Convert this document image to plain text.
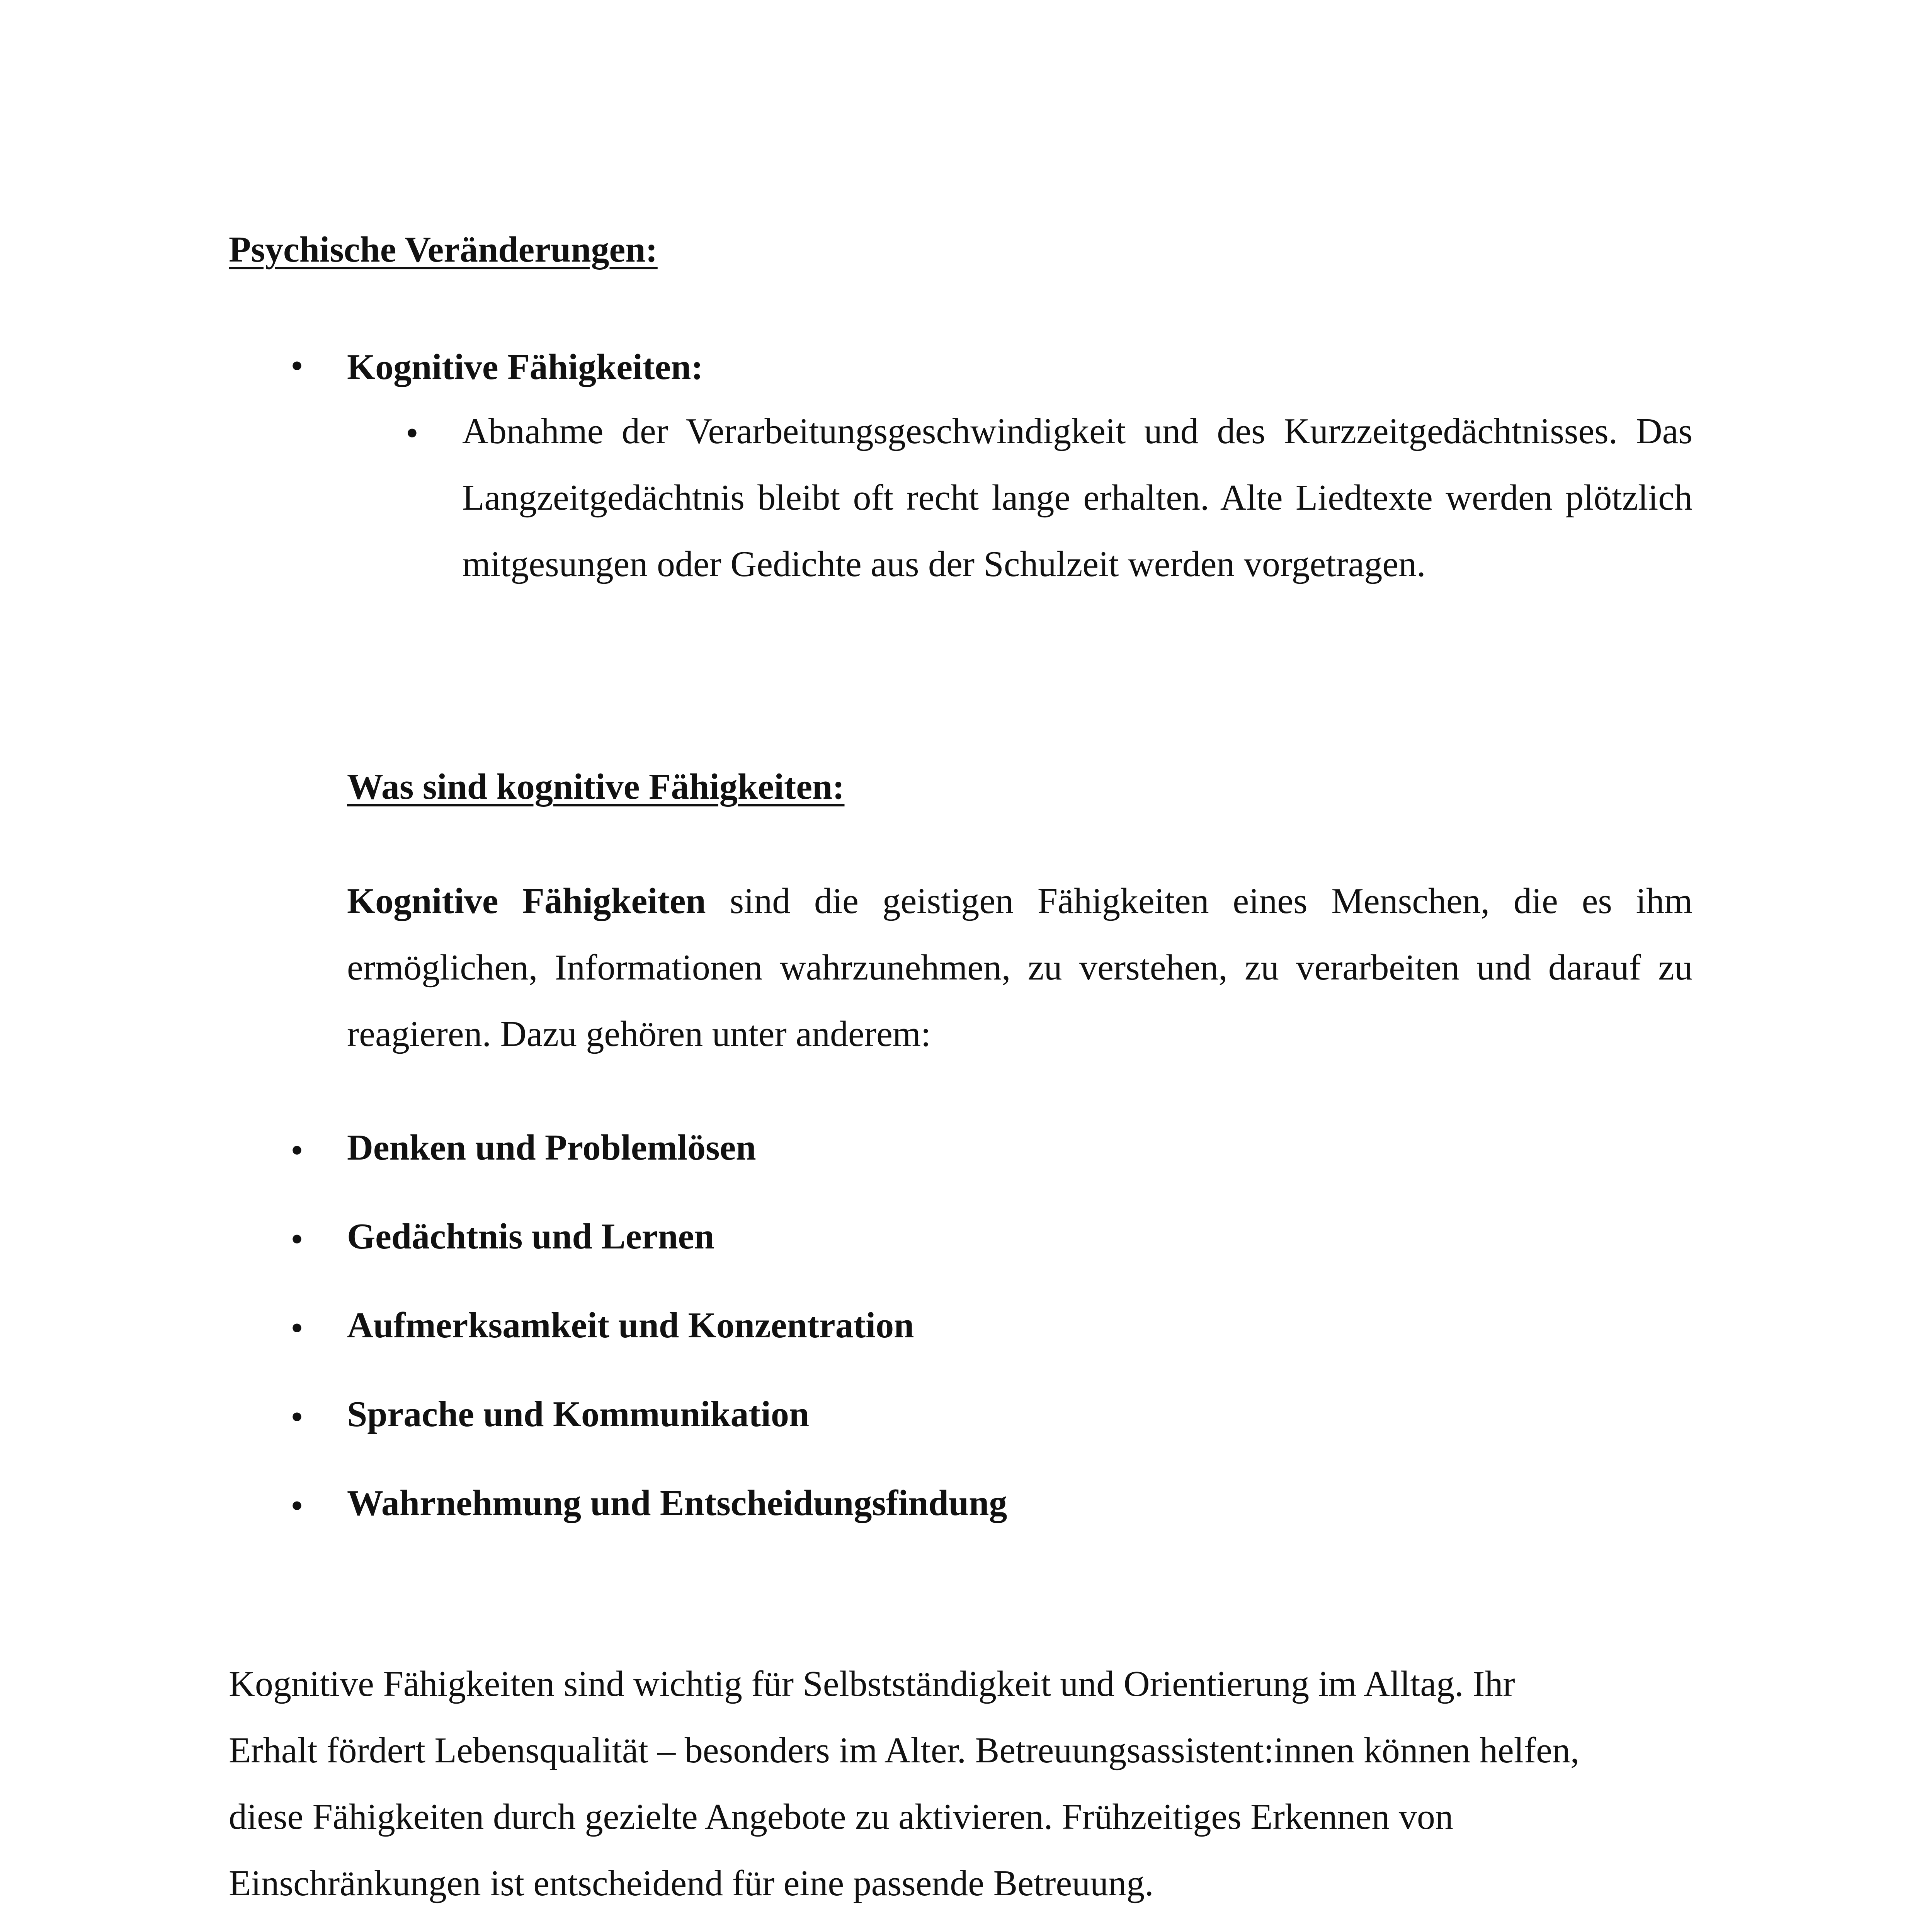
Psychische Veränderungen:
• Kognitive Fähigkeiten:
• Abnahme der Verarbeitungsgeschwindigkeit und des Kurzzeitgedächtnisses. Das Langzeitgedächtnis bleibt oft recht lange erhalten. Alte Liedtexte werden plötzlich mitgesungen oder Gedichte aus der Schulzeit werden vorgetragen.
Was sind kognitive Fähigkeiten:
Kognitive Fähigkeiten sind die geistigen Fähigkeiten eines Menschen, die es ihm ermöglichen, Informationen wahrzunehmen, zu verstehen, zu verarbeiten und darauf zu reagieren. Dazu gehören unter anderem:
• Denken und Problemlösen
• Gedächtnis und Lernen
• Aufmerksamkeit und Konzentration
• Sprache und Kommunikation
• Wahrnehmung und Entscheidungsfindung
Kognitive Fähigkeiten sind wichtig für Selbstständigkeit und Orientierung im Alltag. Ihr
Erhalt fördert Lebensqualität – besonders im Alter. Betreuungsassistent:innen können helfen,
diese Fähigkeiten durch gezielte Angebote zu aktivieren. Frühzeitiges Erkennen von
Einschränkungen ist entscheidend für eine passende Betreuung.
